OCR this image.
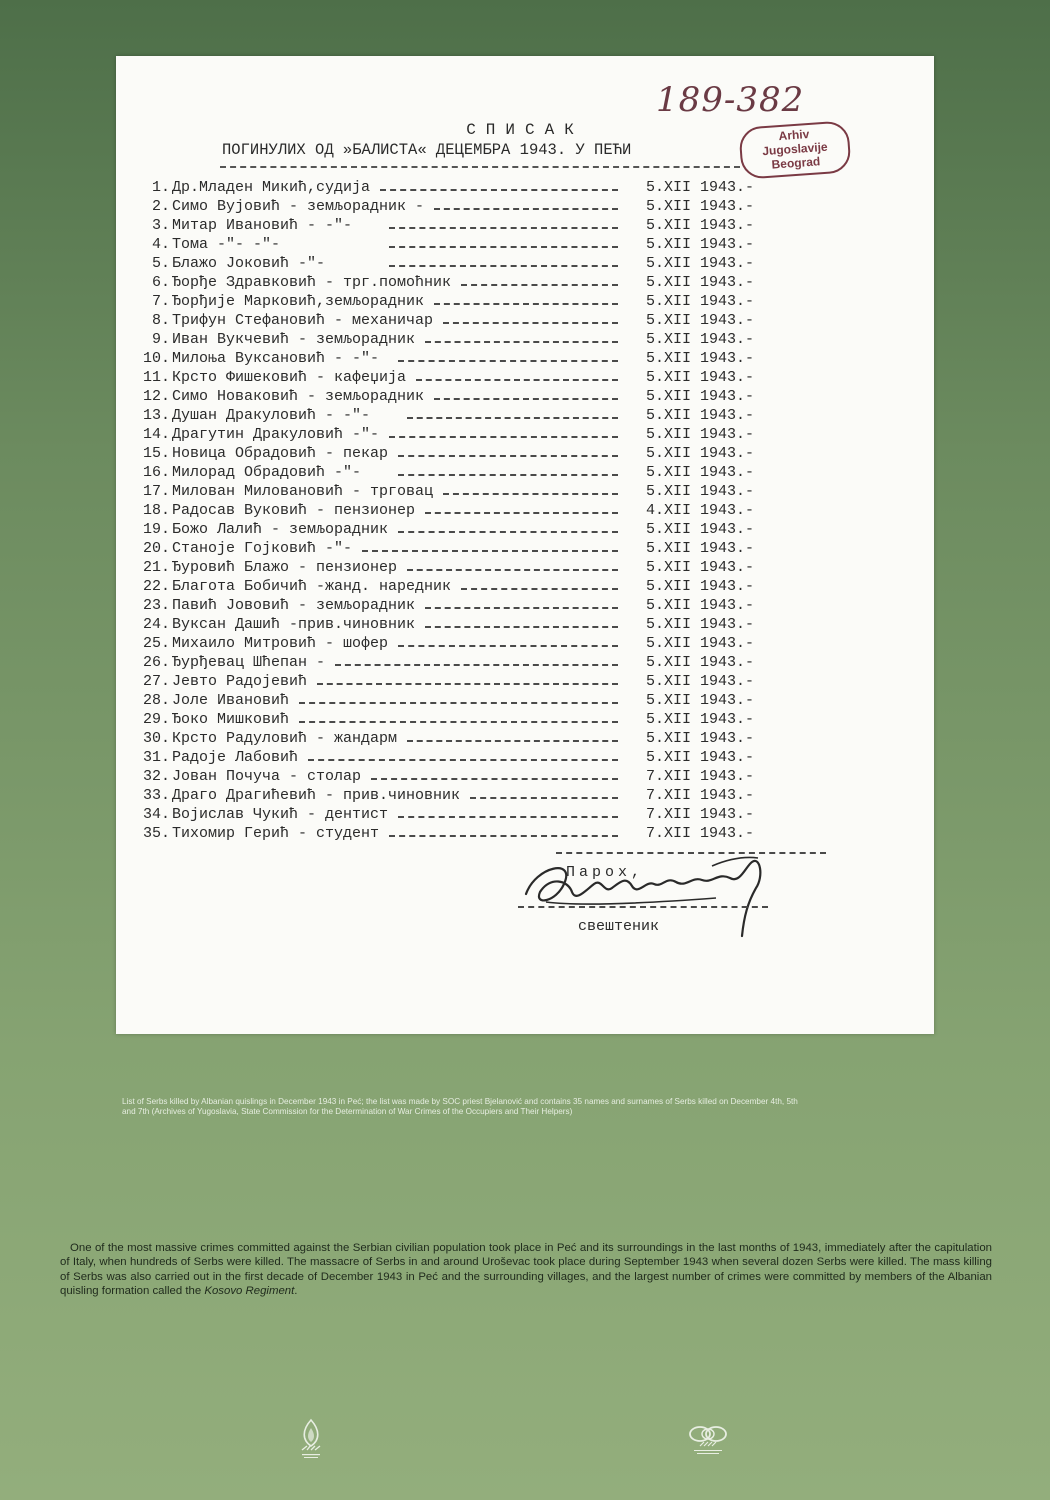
189-382
СПИСАК
ПОГИНУЛИХ ОД »БАЛИСТА« ДЕЦЕМБРА 1943. У ПЕЋИ
Arhiv
Jugoslavije
Beograd
1. Др.Младен Микић,судија	5.XII 1943.-
2. Симо Вујовић - земљорадник -	5.XII 1943.-
3. Митар Ивановић - -"-	5.XII 1943.-
4. Тома -"- -"-	5.XII 1943.-
5. Блажо Јоковић -"-	5.XII 1943.-
6. Ђорђе Здравковић - трг.помоћник	5.XII 1943.-
7. Ђорђије Марковић,земљорадник	5.XII 1943.-
8. Трифун Стефановић - механичар	5.XII 1943.-
9. Иван Вукчевић - земљорадник	5.XII 1943.-
10. Милоња Вуксановић - -"-	5.XII 1943.-
11. Крсто Фишековић - кафеџија	5.XII 1943.-
12. Симо Новаковић - земљорадник	5.XII 1943.-
13. Душан Дракуловић - -"-	5.XII 1943.-
14. Драгутин Дракуловић -"-	5.XII 1943.-
15. Новица Обрадовић - пекар	5.XII 1943.-
16. Милорад Обрадовић -"-	5.XII 1943.-
17. Милован Миловановић - трговац	5.XII 1943.-
18. Радосав Вуковић - пензионер	4.XII 1943.-
19. Божо Лалић - земљорадник	5.XII 1943.-
20. Станоје Гојковић -"-	5.XII 1943.-
21. Ђуровић Блажо - пензионер	5.XII 1943.-
22. Благота Бобичић -жанд. наредник	5.XII 1943.-
23. Павић Јововић - земљорадник	5.XII 1943.-
24. Вуксан Дашић -прив.чиновник	5.XII 1943.-
25. Михаило Митровић - шофер	5.XII 1943.-
26. Ђурђевац Шћепан -	5.XII 1943.-
27. Јевто Радојевић	5.XII 1943.-
28. Јоле Ивановић	5.XII 1943.-
29. Ђоко Мишковић	5.XII 1943.-
30. Крсто Радуловић - жандарм	5.XII 1943.-
31. Радоје Лабовић	5.XII 1943.-
32. Јован Почуча - столар	7.XII 1943.-
33. Драго Драгићевић - прив.чиновник	7.XII 1943.-
34. Војислав Чукић - дентист	7.XII 1943.-
35. Тихомир Герић - студент	7.XII 1943.-
Парох,
свештеник
List of Serbs killed by Albanian quislings in December 1943 in Peć; the list was made by SOC priest Bjelanović and contains 35 names and surnames of Serbs killed on December 4th, 5th and 7th (Archives of Yugoslavia, State Commission for the Determination of War Crimes of the Occupiers and Their Helpers)
One of the most massive crimes committed against the Serbian civilian population took place in Peć and its surroundings in the last months of 1943, immediately after the capitulation of Italy, when hundreds of Serbs were killed. The massacre of Serbs in and around Uroševac took place during September 1943 when several dozen Serbs were killed. The mass killing of Serbs was also carried out in the first decade of December 1943 in Peć and the surrounding villages, and the largest number of crimes were committed by members of the Albanian quisling formation called the Kosovo Regiment.
